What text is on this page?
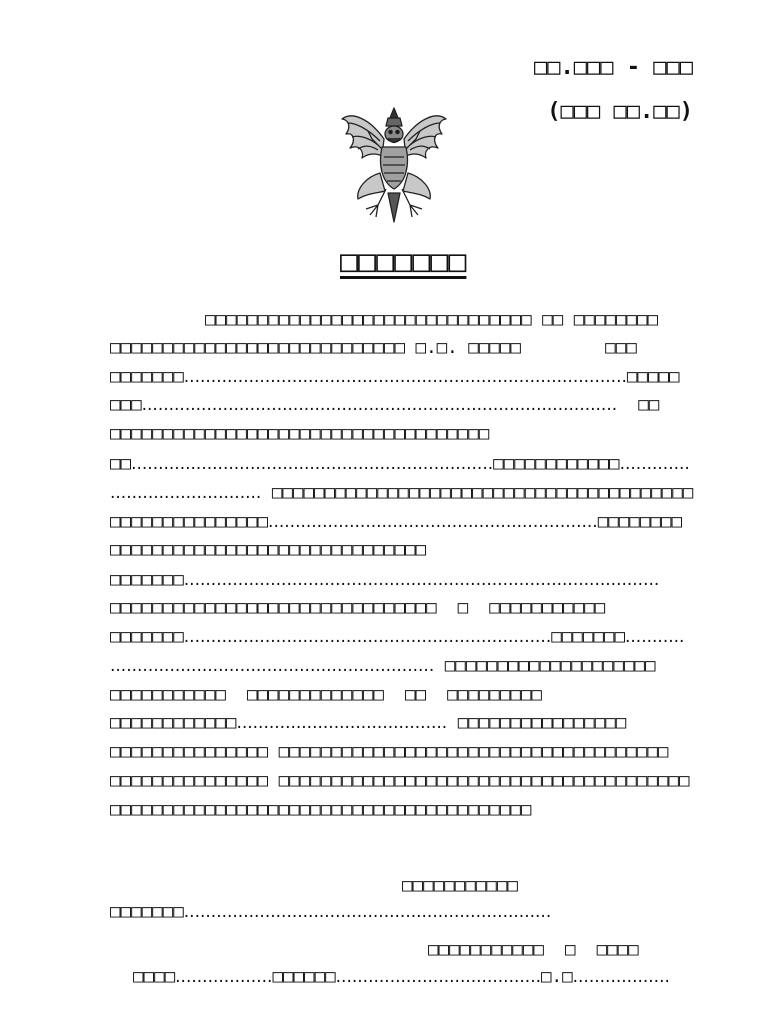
□□.□□□ - □□□
(□□□ □□.□□)
□□□□□□□
□□□□□□□□□□□□□□□□□□□□□□□□□□□□□□□ □□ □□□□□□□□
□□□□□□□□□□□□□□□□□□□□□□□□□□□□ □.□. □□□□□        □□□
□□□□□□□..................................................................................□□□□□
□□□........................................................................................  □□
□□□□□□□□□□□□□□□□□□□□□□□□□□□□□□□□□□□□
□□...................................................................□□□□□□□□□□□□.............
............................ □□□□□□□□□□□□□□□□□□□□□□□□□□□□□□□□□□□□□□□□
□□□□□□□□□□□□□□□.............................................................□□□□□□□□
□□□□□□□□□□□□□□□□□□□□□□□□□□□□□□
□□□□□□□........................................................................................
□□□□□□□□□□□□□□□□□□□□□□□□□□□□□□□  □  □□□□□□□□□□□
□□□□□□□....................................................................□□□□□□□...........
............................................................ □□□□□□□□□□□□□□□□□□□□
□□□□□□□□□□□  □□□□□□□□□□□□□  □□  □□□□□□□□□
□□□□□□□□□□□□....................................... □□□□□□□□□□□□□□□□
□□□□□□□□□□□□□□□ □□□□□□□□□□□□□□□□□□□□□□□□□□□□□□□□□□□□□
□□□□□□□□□□□□□□□ □□□□□□□□□□□□□□□□□□□□□□□□□□□□□□□□□□□□□□□
□□□□□□□□□□□□□□□□□□□□□□□□□□□□□□□□□□□□□□□□
□□□□□□□□□□□
□□□□□□□....................................................................
□□□□□□□□□□□  □  □□□□
□□□□..................□□□□□□......................................□.□..................
